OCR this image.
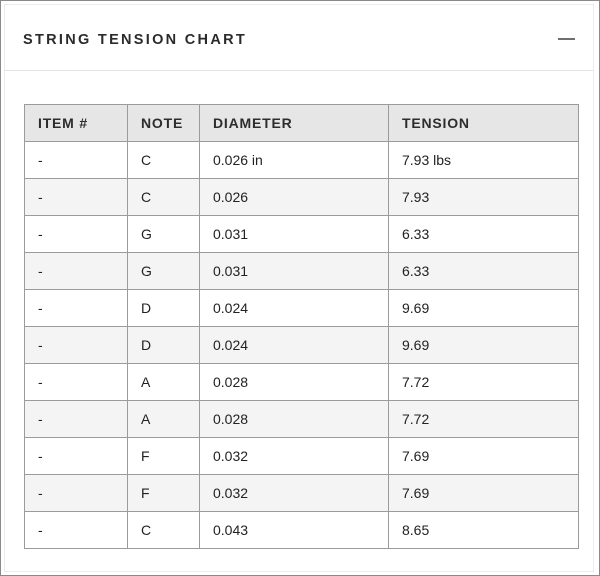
STRING TENSION CHART
ITEM #	NOTE	DIAMETER	TENSION
-	C	0.026 in	7.93 lbs
-	C	0.026	7.93
-	G	0.031	6.33
-	G	0.031	6.33
-	D	0.024	9.69
-	D	0.024	9.69
-	A	0.028	7.72
-	A	0.028	7.72
-	F	0.032	7.69
-	F	0.032	7.69
-	C	0.043	8.65
